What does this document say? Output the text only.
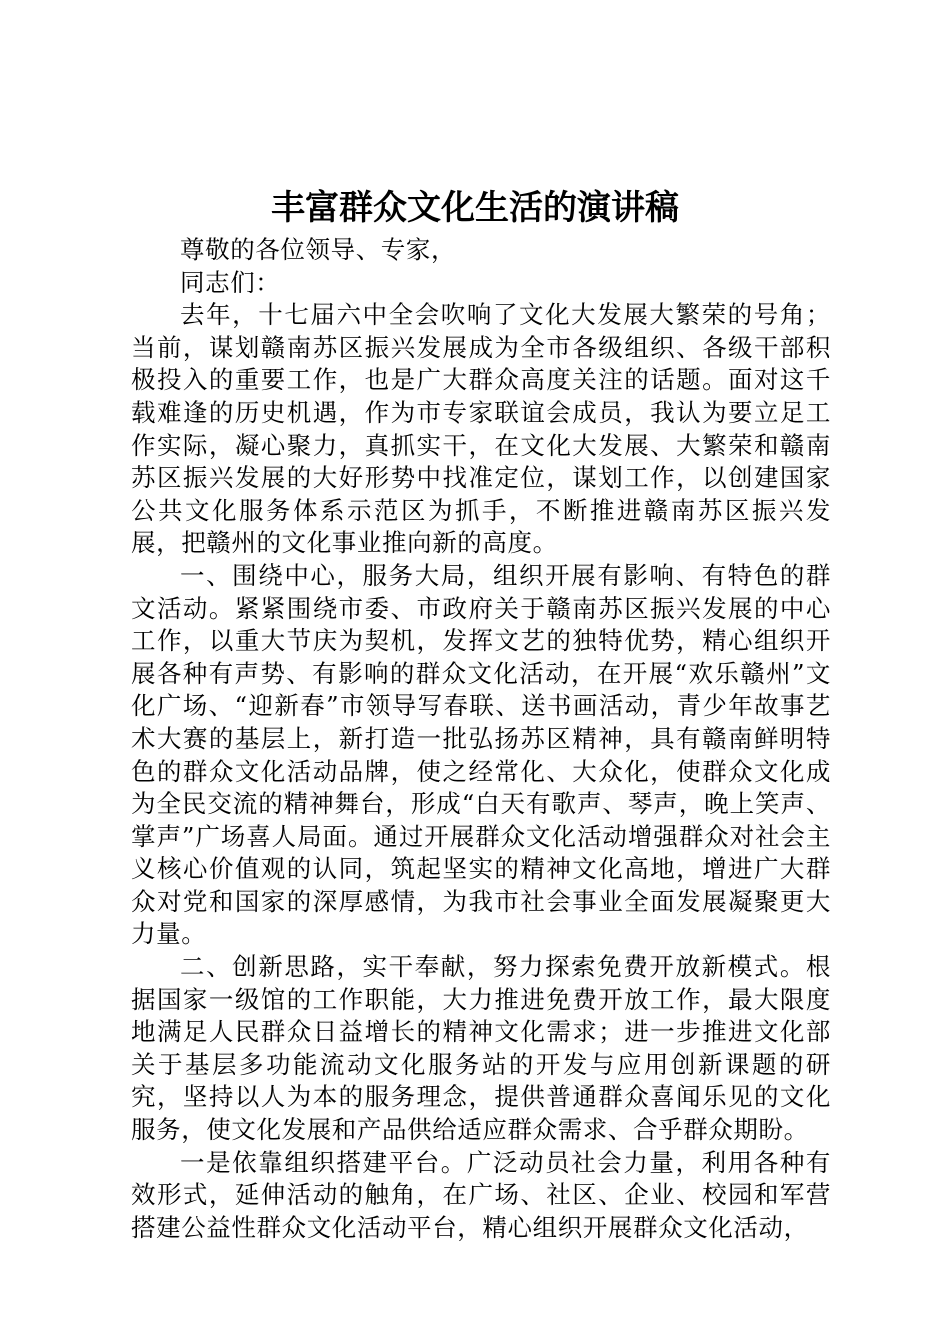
丰富群众文化生活的演讲稿

尊敬的各位领导、专家，

同志们：

去年，十七届六中全会吹响了文化大发展大繁荣的号角；当前，谋划赣南苏区振兴发展成为全市各级组织、各级干部积极投入的重要工作，也是广大群众高度关注的话题。面对这千载难逢的历史机遇，作为市专家联谊会成员，我认为要立足工作实际，凝心聚力，真抓实干，在文化大发展、大繁荣和赣南苏区振兴发展的大好形势中找准定位，谋划工作，以创建国家公共文化服务体系示范区为抓手，不断推进赣南苏区振兴发展，把赣州的文化事业推向新的高度。

一、围绕中心，服务大局，组织开展有影响、有特色的群文活动。紧紧围绕市委、市政府关于赣南苏区振兴发展的中心工作，以重大节庆为契机，发挥文艺的独特优势，精心组织开展各种有声势、有影响的群众文化活动，在开展“欢乐赣州”文化广场、“迎新春”市领导写春联、送书画活动，青少年故事艺术大赛的基层上，新打造一批弘扬苏区精神，具有赣南鲜明特色的群众文化活动品牌，使之经常化、大众化，使群众文化成为全民交流的精神舞台，形成“白天有歌声、琴声，晚上笑声、掌声”广场喜人局面。通过开展群众文化活动增强群众对社会主义核心价值观的认同，筑起坚实的精神文化高地，增进广大群众对党和国家的深厚感情，为我市社会事业全面发展凝聚更大力量。

二、创新思路，实干奉献，努力探索免费开放新模式。根据国家一级馆的工作职能，大力推进免费开放工作，最大限度地满足人民群众日益增长的精神文化需求；进一步推进文化部关于基层多功能流动文化服务站的开发与应用创新课题的研究，坚持以人为本的服务理念，提供普通群众喜闻乐见的文化服务，使文化发展和产品供给适应群众需求、合乎群众期盼。

一是依靠组织搭建平台。广泛动员社会力量，利用各种有效形式，延伸活动的触角，在广场、社区、企业、校园和军营搭建公益性群众文化活动平台，精心组织开展群众文化活动，
